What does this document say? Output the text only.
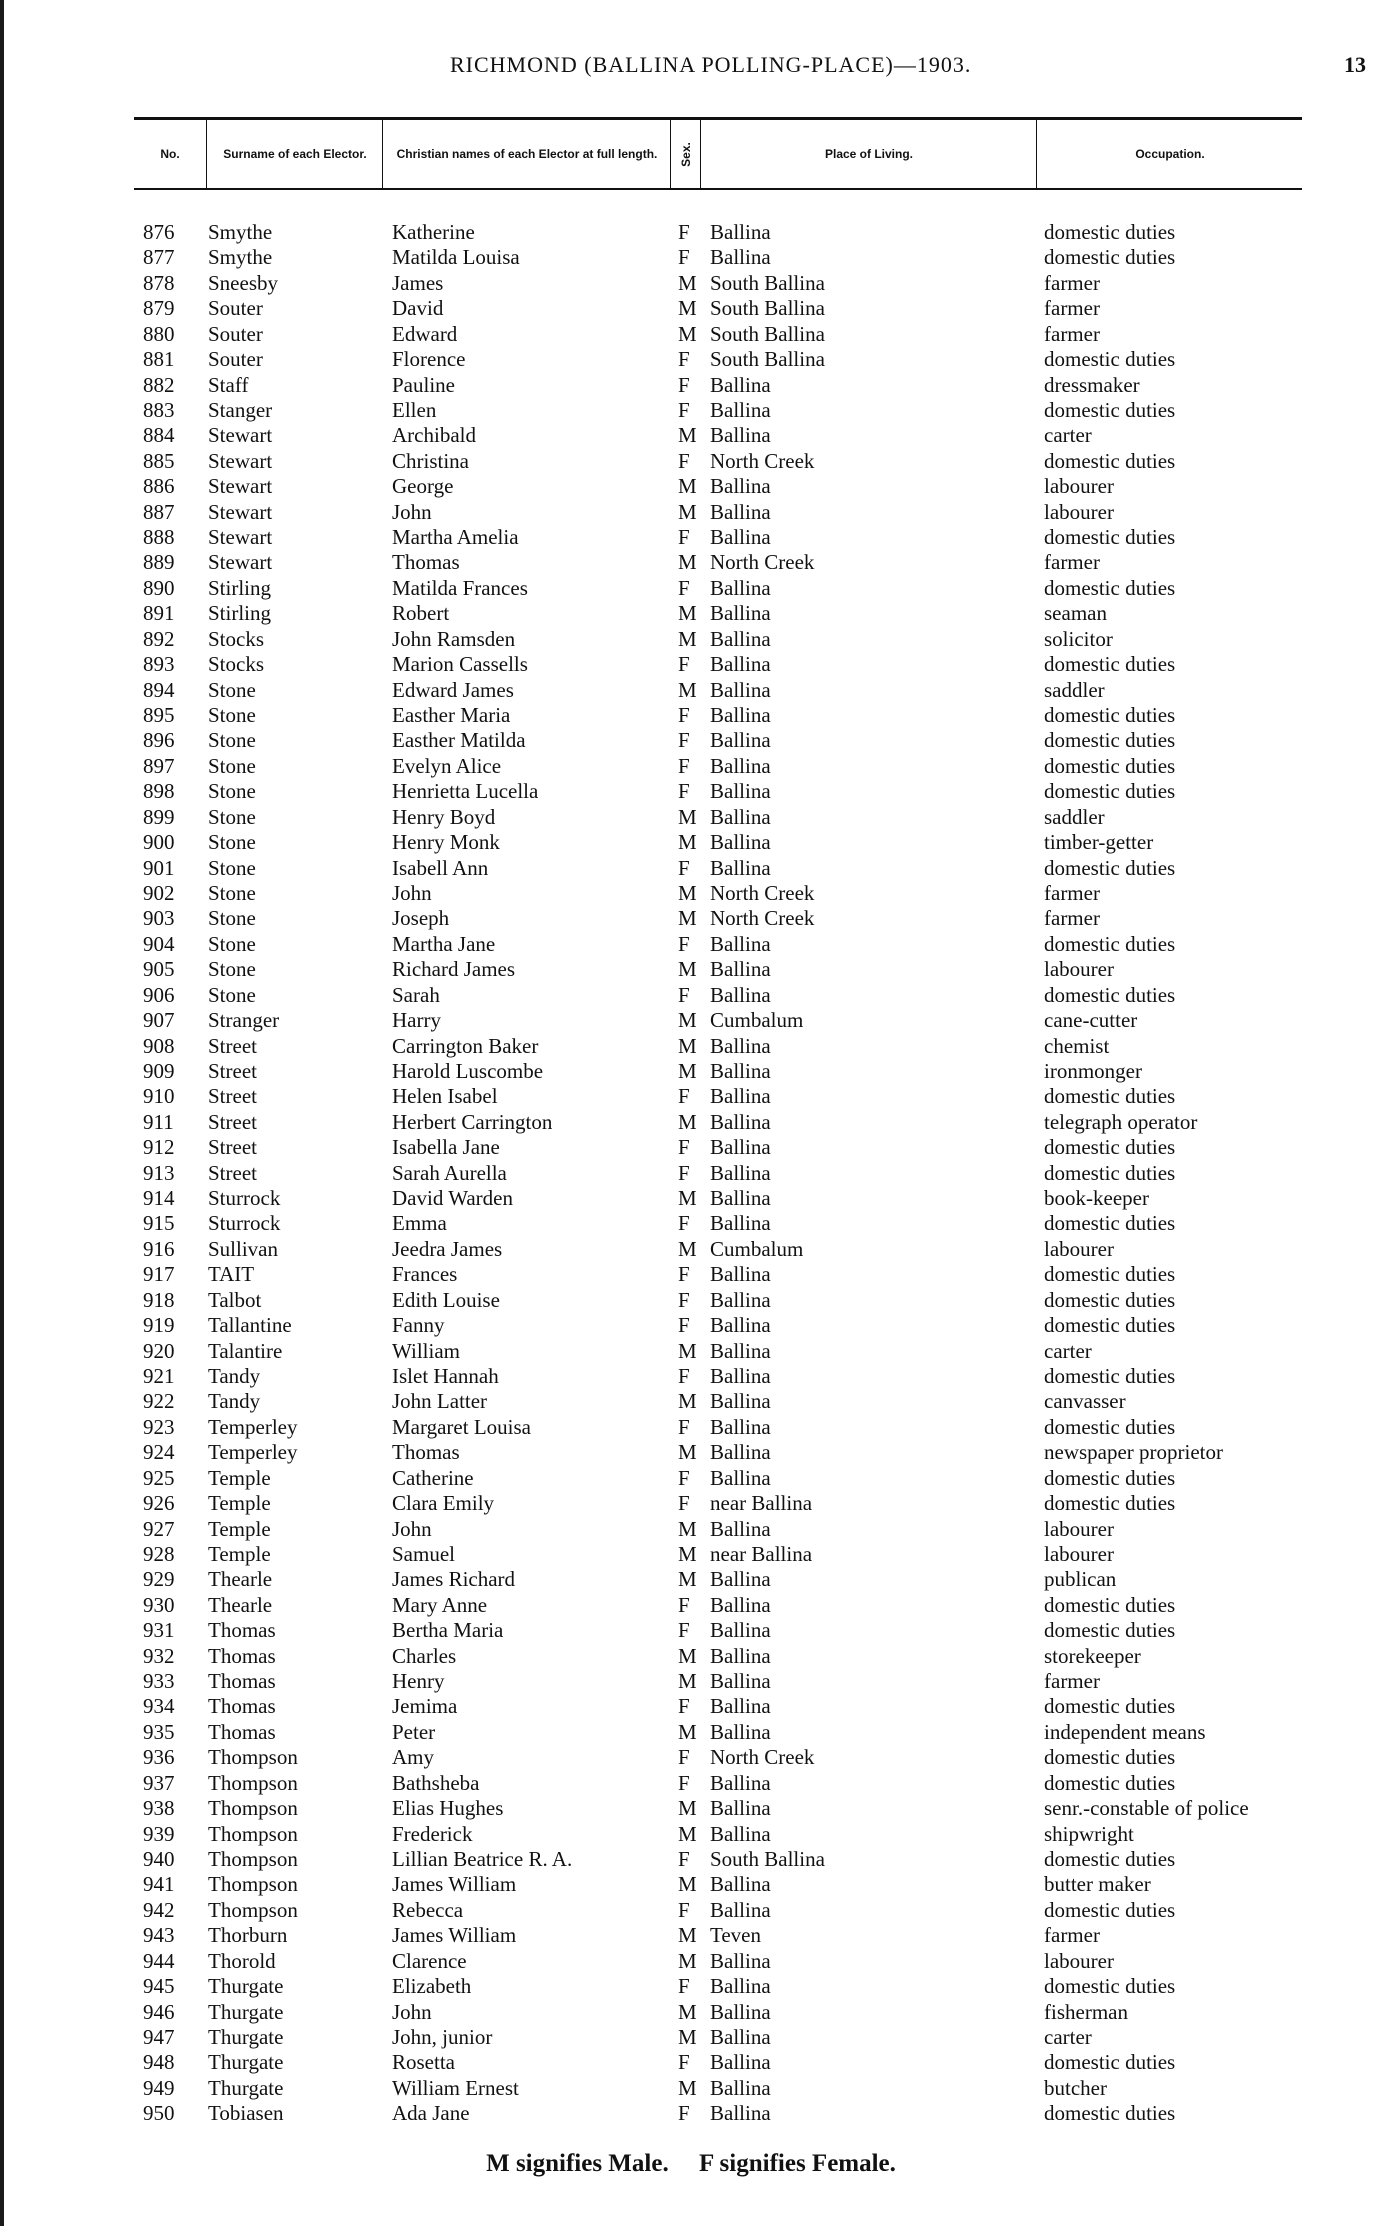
RICHMOND (BALLINA POLLING-PLACE)—1903.	13
No.	Surname of each Elector.	Christian names of each Elector at full length.	Sex.	Place of Living.	Occupation.
876 Smythe	Katherine	F Ballina	domestic duties
877 Smythe	Matilda Louisa	F Ballina	domestic duties
878 Sneesby	James	M South Ballina	farmer
879 Souter	David	M South Ballina	farmer
880 Souter	Edward	M South Ballina	farmer
881 Souter	Florence	F South Ballina	domestic duties
882 Staff	Pauline	F Ballina	dressmaker
883 Stanger	Ellen	F Ballina	domestic duties
884 Stewart	Archibald	M Ballina	carter
885 Stewart	Christina	F North Creek	domestic duties
886 Stewart	George	M Ballina	labourer
887 Stewart	John	M Ballina	labourer
888 Stewart	Martha Amelia	F Ballina	domestic duties
889 Stewart	Thomas	M North Creek	farmer
890 Stirling	Matilda Frances	F Ballina	domestic duties
891 Stirling	Robert	M Ballina	seaman
892 Stocks	John Ramsden	M Ballina	solicitor
893 Stocks	Marion Cassells	F Ballina	domestic duties
894 Stone	Edward James	M Ballina	saddler
895 Stone	Easther Maria	F Ballina	domestic duties
896 Stone	Easther Matilda	F Ballina	domestic duties
897 Stone	Evelyn Alice	F Ballina	domestic duties
898 Stone	Henrietta Lucella	F Ballina	domestic duties
899 Stone	Henry Boyd	M Ballina	saddler
900 Stone	Henry Monk	M Ballina	timber-getter
901 Stone	Isabell Ann	F Ballina	domestic duties
902 Stone	John	M North Creek	farmer
903 Stone	Joseph	M North Creek	farmer
904 Stone	Martha Jane	F Ballina	domestic duties
905 Stone	Richard James	M Ballina	labourer
906 Stone	Sarah	F Ballina	domestic duties
907 Stranger	Harry	M Cumbalum	cane-cutter
908 Street	Carrington Baker	M Ballina	chemist
909 Street	Harold Luscombe	M Ballina	ironmonger
910 Street	Helen Isabel	F Ballina	domestic duties
911 Street	Herbert Carrington	M Ballina	telegraph operator
912 Street	Isabella Jane	F Ballina	domestic duties
913 Street	Sarah Aurella	F Ballina	domestic duties
914 Sturrock	David Warden	M Ballina	book-keeper
915 Sturrock	Emma	F Ballina	domestic duties
916 Sullivan	Jeedra James	M Cumbalum	labourer
917 TAIT	Frances	F Ballina	domestic duties
918 Talbot	Edith Louise	F Ballina	domestic duties
919 Tallantine	Fanny	F Ballina	domestic duties
920 Talantire	William	M Ballina	carter
921 Tandy	Islet Hannah	F Ballina	domestic duties
922 Tandy	John Latter	M Ballina	canvasser
923 Temperley	Margaret Louisa	F Ballina	domestic duties
924 Temperley	Thomas	M Ballina	newspaper proprietor
925 Temple	Catherine	F Ballina	domestic duties
926 Temple	Clara Emily	F near Ballina	domestic duties
927 Temple	John	M Ballina	labourer
928 Temple	Samuel	M near Ballina	labourer
929 Thearle	James Richard	M Ballina	publican
930 Thearle	Mary Anne	F Ballina	domestic duties
931 Thomas	Bertha Maria	F Ballina	domestic duties
932 Thomas	Charles	M Ballina	storekeeper
933 Thomas	Henry	M Ballina	farmer
934 Thomas	Jemima	F Ballina	domestic duties
935 Thomas	Peter	M Ballina	independent means
936 Thompson	Amy	F North Creek	domestic duties
937 Thompson	Bathsheba	F Ballina	domestic duties
938 Thompson	Elias Hughes	M Ballina	senr.-constable of police
939 Thompson	Frederick	M Ballina	shipwright
940 Thompson	Lillian Beatrice R. A.	F South Ballina	domestic duties
941 Thompson	James William	M Ballina	butter maker
942 Thompson	Rebecca	F Ballina	domestic duties
943 Thorburn	James William	M Teven	farmer
944 Thorold	Clarence	M Ballina	labourer
945 Thurgate	Elizabeth	F Ballina	domestic duties
946 Thurgate	John	M Ballina	fisherman
947 Thurgate	John, junior	M Ballina	carter
948 Thurgate	Rosetta	F Ballina	domestic duties
949 Thurgate	William Ernest	M Ballina	butcher
950 Tobiasen	Ada Jane	F Ballina	domestic duties
M signifies Male. F signifies Female.
